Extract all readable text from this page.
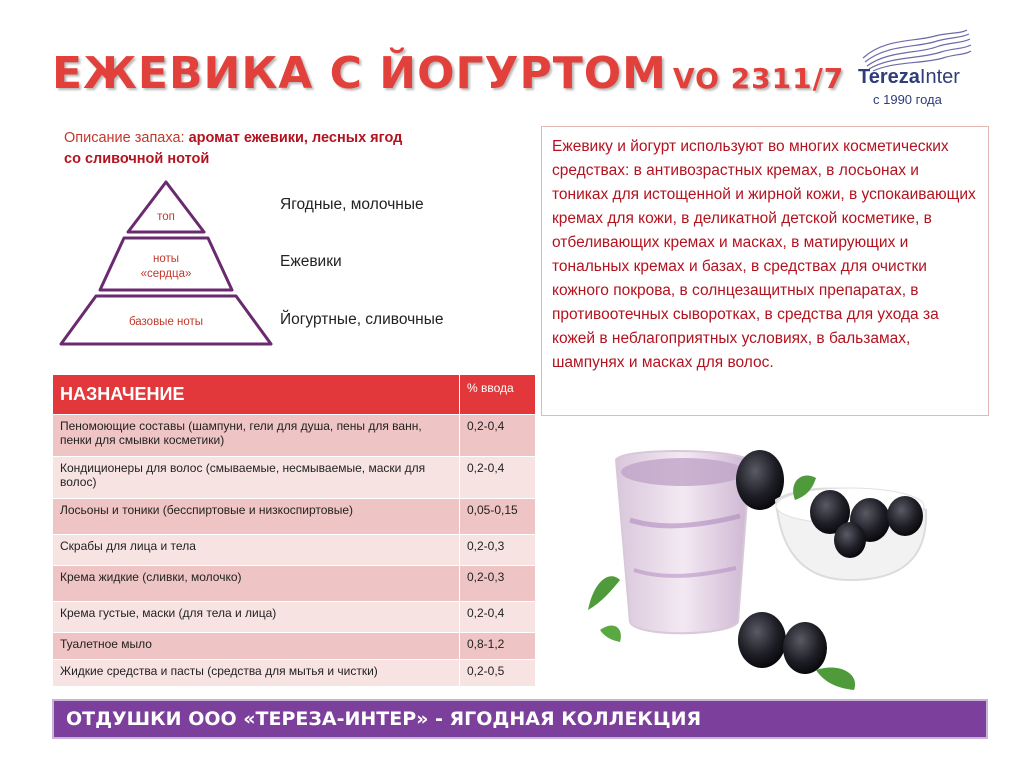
ЕЖЕВИКА С ЙОГУРТОМ VO 2311/7 TerezaInter
с 1990 года
Описание запаха: аромат ежевики, лесных ягод
со сливочной нотой
топ
ноты
«сердца»
базовые ноты
Ягодные, молочные
Ежевики
Йогуртные, сливочные
Ежевику и йогурт используют во многих косметических средствах: в антивозрастных кремах, в лосьонах и тониках для истощенной и жирной кожи, в успокаивающих кремах для кожи, в деликатной детской косметике, в отбеливающих кремах и масках, в матирующих и тональных кремах и базах, в средствах для очистки кожного покрова, в солнцезащитных препаратах, в противоотечных сыворотках, в средства для ухода за кожей в неблагоприятных условиях, в бальзамах, шампунях и масках для волос.
НАЗНАЧЕНИЕ	% ввода
Пеномоющие составы (шампуни, гели для душа, пены для ванн, пенки для смывки косметики)	0,2-0,4
Кондиционеры для волос (смываемые, несмываемые, маски для волос)	0,2-0,4
Лосьоны и тоники (бесспиртовые и низкоспиртовые)	0,05-0,15
Скрабы для лица и тела	0,2-0,3
Крема жидкие (сливки, молочко)	0,2-0,3
Крема густые, маски (для тела и лица)	0,2-0,4
Туалетное мыло	0,8-1,2
Жидкие средства и пасты (средства для мытья и чистки)	0,2-0,5
ОТДУШКИ ООО «ТЕРЕЗА-ИНТЕР» - ЯГОДНАЯ КОЛЛЕКЦИЯ
